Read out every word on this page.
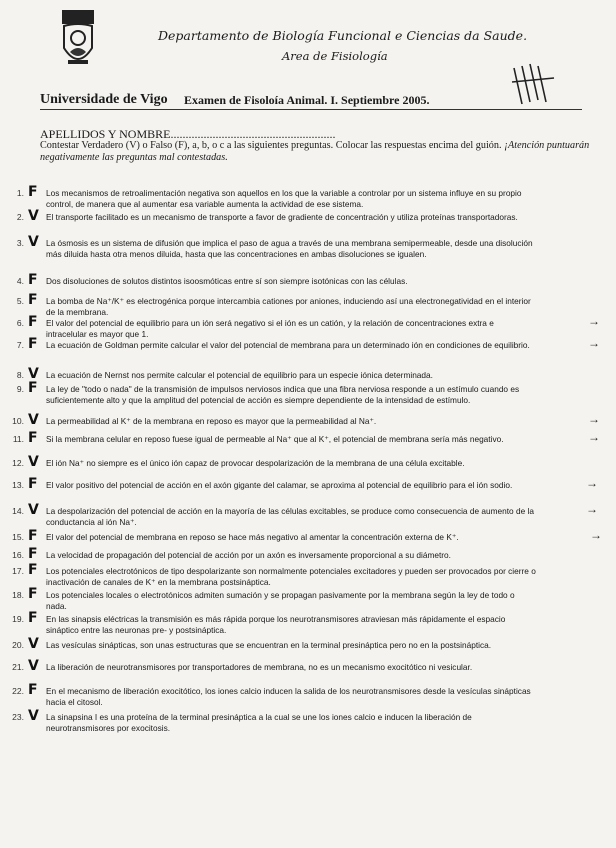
Departamento de Biología Funcional e Ciencias da Saude.
Area de Fisiología
Universidade de Vigo Examen de Fisoloía Animal. I. Septiembre 2005.
APELLIDOS Y NOMBRE.......................................................
Contestar Verdadero (V) o Falso (F), a, b, o c a las siguientes preguntas. Colocar las respuestas encima del guión. ¡Atención puntuarán negativamente las preguntas mal contestadas.
1. F Los mecanismos de retroalimentación negativa son aquellos en los que la variable a controlar por un sistema influye en su propio control, de manera que al aumentar esa variable aumenta la actividad de ese sistema.
2. V El transporte facilitado es un mecanismo de transporte a favor de gradiente de concentración y utiliza proteínas transportadoras.
3. V La ósmosis es un sistema de difusión que implica el paso de agua a través de una membrana semipermeable, desde una disolución más diluida hasta otra menos diluida, hasta que las concentraciones en ambas disoluciones se igualen.
4. F Dos disoluciones de solutos distintos isoosmóticas entre sí son siempre isotónicas con las células.
5. F La bomba de Na⁺/K⁺ es electrogénica porque intercambia cationes por aniones, induciendo así una electronegatividad en el interior de la membrana.
6. F El valor del potencial de equilibrio para un ión será negativo si el ión es un catión, y la relación de concentraciones extra e intracelular es mayor que 1.
7. F La ecuación de Goldman permite calcular el valor del potencial de membrana para un determinado ión en condiciones de equilibrio.
8. V La ecuación de Nernst nos permite calcular el potencial de equilibrio para un especie iónica determinada.
9. F La ley de "todo o nada" de la transmisión de impulsos nerviosos indica que una fibra nerviosa responde a un estímulo cuando es suficientemente alto y que la amplitud del potencial de acción es siempre dependiente de la intensidad de estímulo.
10. V La permeabilidad al K⁺ de la membrana en reposo es mayor que la permeabilidad al Na⁺.
11. F Si la membrana celular en reposo fuese igual de permeable al Na⁺ que al K⁺, el potencial de membrana sería más negativo.
12. V El ión Na⁺ no siempre es el único ión capaz de provocar despolarización de la membrana de una célula excitable.
13. F El valor positivo del potencial de acción en el axón gigante del calamar, se aproxima al potencial de equilibrio para el ión sodio.
14. V La despolarización del potencial de acción en la mayoría de las células excitables, se produce como consecuencia de aumento de la conductancia al ión Na⁺.
15. F El valor del potencial de membrana en reposo se hace más negativo al amentar la concentración externa de K⁺.
16. F La velocidad de propagación del potencial de acción por un axón es inversamente proporcional a su diámetro.
17. F Los potenciales electrotónicos de tipo despolarizante son normalmente potenciales excitadores y pueden ser provocados por cierre o inactivación de canales de K⁺ en la membrana postsináptica.
18. F Los potenciales locales o electrotónicos admiten sumación y se propagan pasivamente por la membrana según la ley de todo o nada.
19. F En las sinapsis eléctricas la transmisión es más rápida porque los neurotransmisores atraviesan más rápidamente el espacio sináptico entre las neuronas pre- y postsináptica.
20. V Las vesículas sinápticas, son unas estructuras que se encuentran en la terminal presináptica pero no en la postsináptica.
21. V La liberación de neurotransmisores por transportadores de membrana, no es un mecanismo exocitótico ni vesicular.
22. F En el mecanismo de liberación exocitótico, los iones calcio inducen la salida de los neurotransmisores desde la vesículas sinápticas hacia el citosol.
23. V La sinapsina I es una proteína de la terminal presináptica a la cual se une los iones calcio e inducen la liberación de neurotransmisores por exocitosis.
→
→
→
→
→
→
→
